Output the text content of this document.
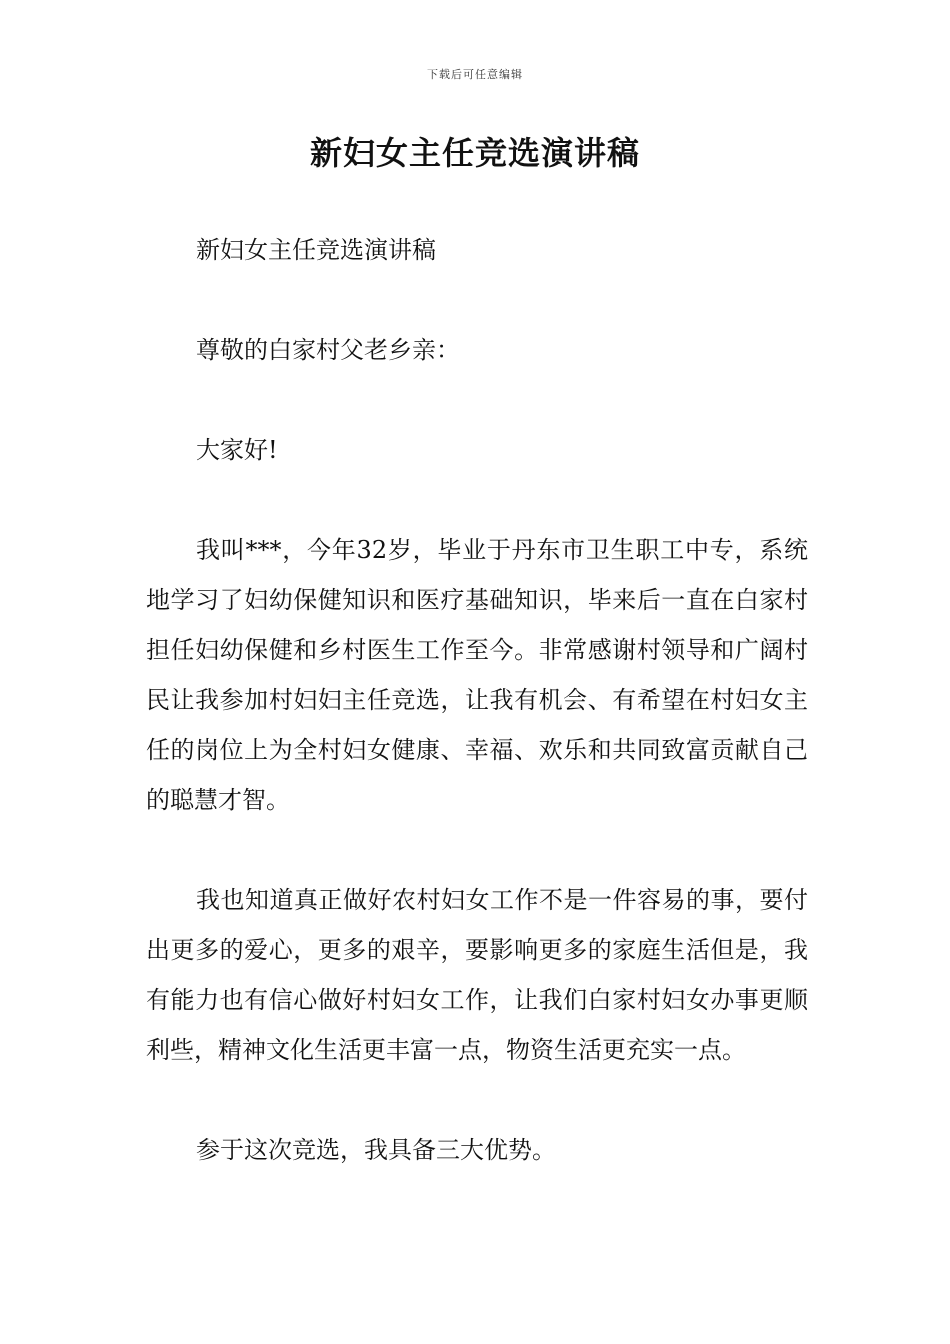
下载后可任意编辑
新妇女主任竞选演讲稿

新妇女主任竞选演讲稿

尊敬的白家村父老乡亲：

大家好!

我叫***，今年32岁，毕业于丹东市卫生职工中专，系统地学习了妇幼保健知识和医疗基础知识，毕来后一直在白家村担任妇幼保健和乡村医生工作至今。非常感谢村领导和广阔村民让我参加村妇妇主任竞选，让我有机会、有希望在村妇女主任的岗位上为全村妇女健康、幸福、欢乐和共同致富贡献自己的聪慧才智。

我也知道真正做好农村妇女工作不是一件容易的事，要付出更多的爱心，更多的艰辛，要影响更多的家庭生活但是，我有能力也有信心做好村妇女工作，让我们白家村妇女办事更顺利些，精神文化生活更丰富一点，物资生活更充实一点。

参于这次竞选，我具备三大优势。
